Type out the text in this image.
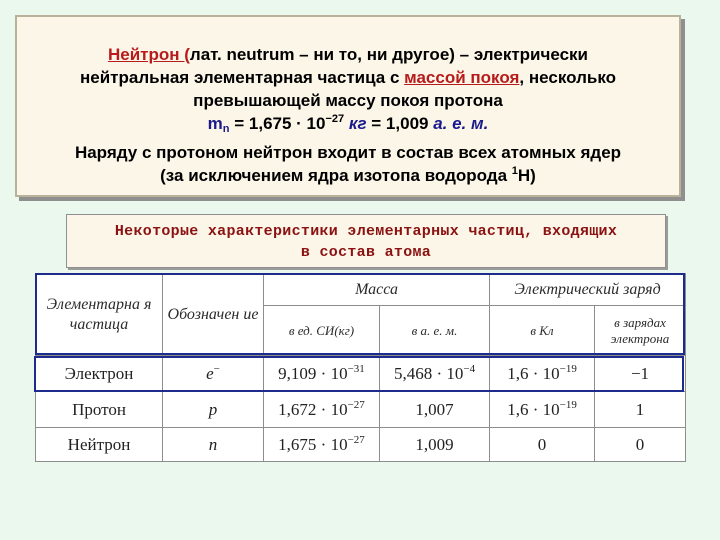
Нейтрон (лат. neutrum – ни то, ни другое) – электрически
нейтральная элементарная частица с массой покоя, несколько
превышающей массу покоя протона
$m_n = 1,675 \cdot 10^{-27}$ кг = 1,009 а. е. м.
Наряду с протоном нейтрон входит в состав всех атомных ядер
(за исключением ядра изотопа водорода $^1$H)
Некоторые характеристики элементарных частиц, входящих
в состав атома
Элементарна я частица	Обозначен ие	Масса		Электрический заряд	
		в ед. СИ(кг)	в а. е. м.	в Кл	в зарядах электрона
Электрон	e−	$9,109 \cdot 10^{-31}$	$5,468 \cdot 10^{-4}$	$1,6 \cdot 10^{-19}$	−1
Протон	p	$1,672 \cdot 10^{-27}$	1,007	$1,6 \cdot 10^{-19}$	1
Нейтрон	n	$1,675 \cdot 10^{-27}$	1,009	0	0
